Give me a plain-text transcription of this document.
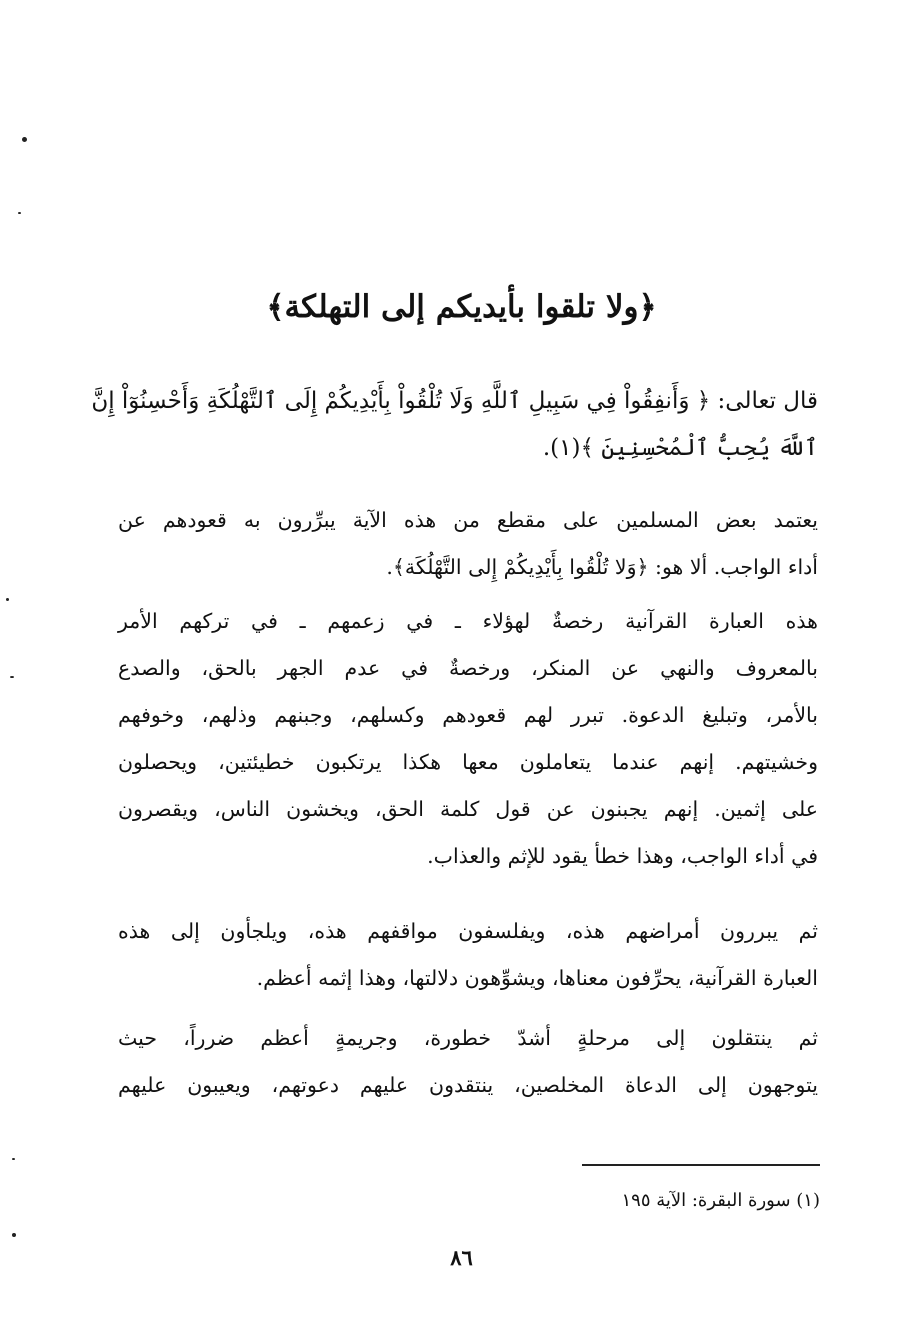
﴿ولا تلقوا بأيديكم إلى التهلكة﴾
قال تعالى: ﴿ وَأَنفِقُواْ فِي سَبِيلِ ٱللَّهِ وَلَا تُلْقُواْ بِأَيْدِيكُمْ إِلَى ٱلتَّهْلُكَةِ وَأَحْسِنُوٓاْ إِنَّ
ٱللَّهَ يُحِبُّ ٱلْمُحْسِنِينَ ﴾(١).
يعتمد بعض المسلمين على مقطع من هذه الآية يبرِّرون به قعودهم عن
أداء الواجب. ألا هو: ﴿وَلا تُلْقُوا بِأَيْدِيكُمْ إِلى التَّهْلُكَة﴾.
هذه العبارة القرآنية رخصةٌ لهؤلاء ـ في زعمهم ـ في تركهم الأمر
بالمعروف والنهي عن المنكر، ورخصةٌ في عدم الجهر بالحق، والصدع
بالأمر، وتبليغ الدعوة. تبرر لهم قعودهم وكسلهم، وجبنهم وذلهم، وخوفهم
وخشيتهم. إنهم عندما يتعاملون معها هكذا يرتكبون خطيئتين، ويحصلون
على إثمين. إنهم يجبنون عن قول كلمة الحق، ويخشون الناس، ويقصرون
في أداء الواجب، وهذا خطأ يقود للإثم والعذاب.
ثم يبررون أمراضهم هذه، ويفلسفون مواقفهم هذه، ويلجأون إلى هذه
العبارة القرآنية، يحرِّفون معناها، ويشوِّهون دلالتها، وهذا إثمه أعظم.
ثم ينتقلون إلى مرحلةٍ أشدّ خطورة، وجريمةٍ أعظم ضرراً، حيث
يتوجهون إلى الدعاة المخلصين، ينتقدون عليهم دعوتهم، ويعيبون عليهم
(١) سورة البقرة: الآية ١٩٥
٨٦
